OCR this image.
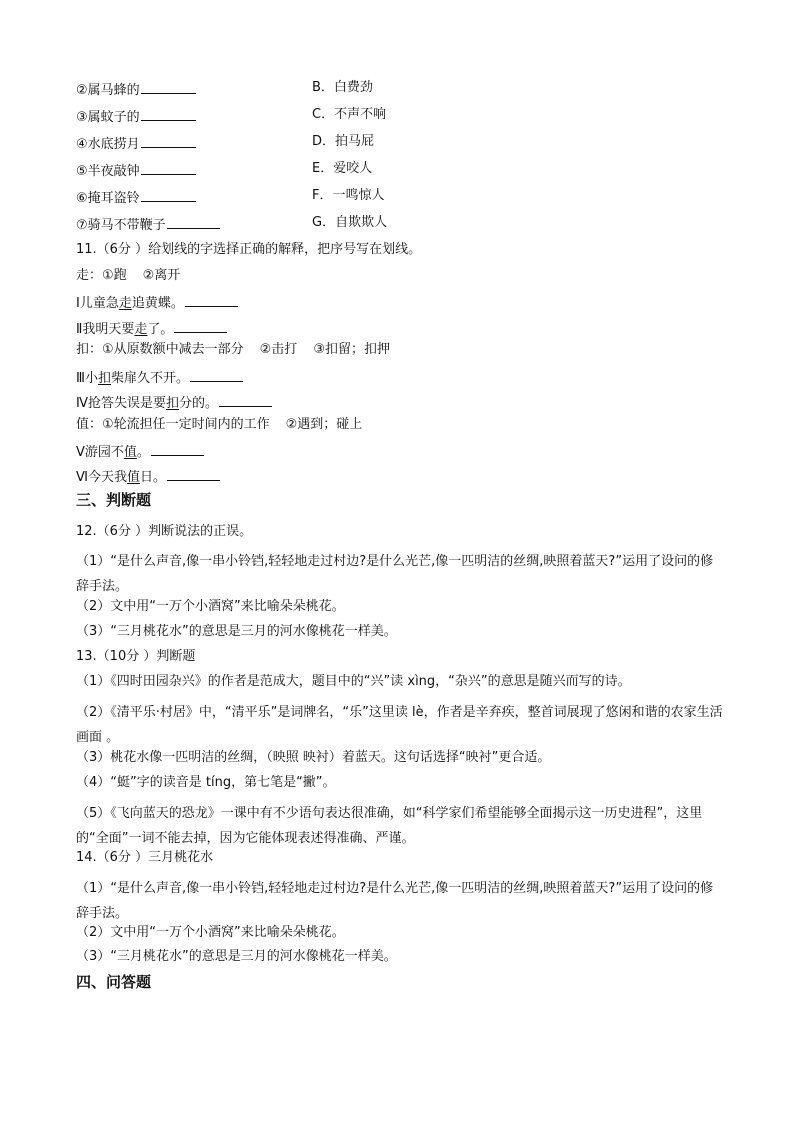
②属马蜂的	B．白费劲
③属蚊子的	C．不声不响
④水底捞月	D．拍马屁
⑤半夜敲钟	E．爱咬人
⑥掩耳盗铃	F．一鸣惊人
⑦骑马不带鞭子	G．自欺欺人
11.（6分 ）给划线的字选择正确的解释，把序号写在划线。
走：①跑 ②离开
Ⅰ儿童急走追黄蝶。
Ⅱ我明天要走了。
扣：①从原数额中减去一部分 ②击打 ③扣留；扣押
Ⅲ小扣柴扉久不开。
Ⅳ抢答失误是要扣分的。
值：①轮流担任一定时间内的工作 ②遇到；碰上
Ⅴ游园不值。
Ⅵ今天我值日。
三、判断题
12.（6分 ）判断说法的正误。
（1）“是什么声音,像一串小铃铛,轻轻地走过村边?是什么光芒,像一匹明洁的丝绸,映照着蓝天?”运用了设问的修辞手法。
（2）文中用“一万个小酒窝”来比喻朵朵桃花。
（3）“三月桃花水”的意思是三月的河水像桃花一样美。
13.（10分 ）判断题
（1）《四时田园杂兴》的作者是范成大，题目中的“兴”读 xìng，“杂兴”的意思是随兴而写的诗。
（2）《清平乐·村居》中，“清平乐”是词牌名，“乐”这里读 lè，作者是辛弃疾，整首词展现了悠闲和谐的农家生活画面 。
（3）桃花水像一匹明洁的丝绸，（映照 映衬）着蓝天。这句话选择“映衬”更合适。
（4）“蜓”字的读音是 tíng，第七笔是“撇”。
（5）《飞向蓝天的恐龙》一课中有不少语句表达很准确，如“科学家们希望能够全面揭示这一历史进程”，这里的“全面”一词不能去掉，因为它能体现表述得准确、严谨。
14.（6分 ）三月桃花水
（1）“是什么声音,像一串小铃铛,轻轻地走过村边?是什么光芒,像一匹明洁的丝绸,映照着蓝天?”运用了设问的修辞手法。
（2）文中用“一万个小酒窝”来比喻朵朵桃花。
（3）“三月桃花水”的意思是三月的河水像桃花一样美。
四、问答题
